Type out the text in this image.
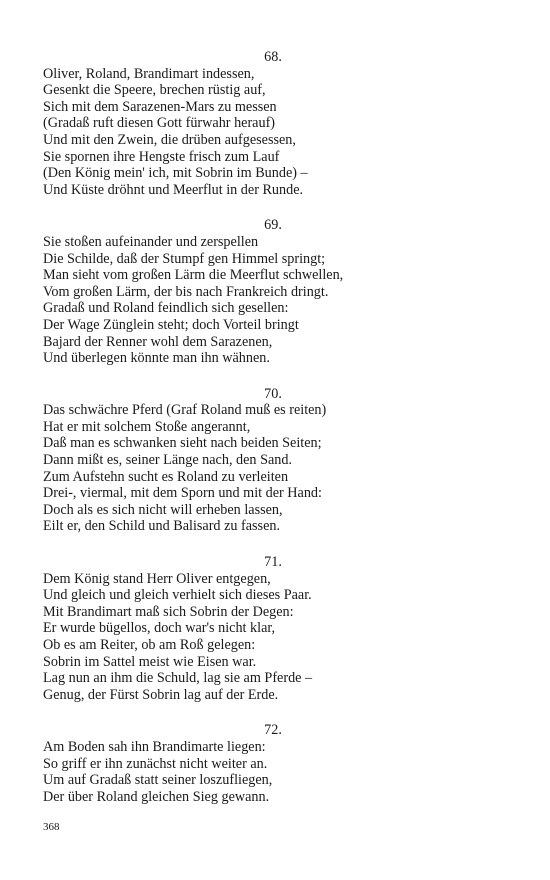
68.
Oliver, Roland, Brandimart indessen,
Gesenkt die Speere, brechen rüstig auf,
Sich mit dem Sarazenen-Mars zu messen
(Gradaß ruft diesen Gott fürwahr herauf)
Und mit den Zwein, die drüben aufgesessen,
Sie spornen ihre Hengste frisch zum Lauf
(Den König mein' ich, mit Sobrin im Bunde) –
Und Küste dröhnt und Meerflut in der Runde.
69.
Sie stoßen aufeinander und zerspellen
Die Schilde, daß der Stumpf gen Himmel springt;
Man sieht vom großen Lärm die Meerflut schwellen,
Vom großen Lärm, der bis nach Frankreich dringt.
Gradaß und Roland feindlich sich gesellen:
Der Wage Zünglein steht; doch Vorteil bringt
Bajard der Renner wohl dem Sarazenen,
Und überlegen könnte man ihn wähnen.
70.
Das schwächre Pferd (Graf Roland muß es reiten)
Hat er mit solchem Stoße angerannt,
Daß man es schwanken sieht nach beiden Seiten;
Dann mißt es, seiner Länge nach, den Sand.
Zum Aufstehn sucht es Roland zu verleiten
Drei-, viermal, mit dem Sporn und mit der Hand:
Doch als es sich nicht will erheben lassen,
Eilt er, den Schild und Balisard zu fassen.
71.
Dem König stand Herr Oliver entgegen,
Und gleich und gleich verhielt sich dieses Paar.
Mit Brandimart maß sich Sobrin der Degen:
Er wurde bügellos, doch war's nicht klar,
Ob es am Reiter, ob am Roß gelegen:
Sobrin im Sattel meist wie Eisen war.
Lag nun an ihm die Schuld, lag sie am Pferde –
Genug, der Fürst Sobrin lag auf der Erde.
72.
Am Boden sah ihn Brandimarte liegen:
So griff er ihn zunächst nicht weiter an.
Um auf Gradaß statt seiner loszufliegen,
Der über Roland gleichen Sieg gewann.
368
